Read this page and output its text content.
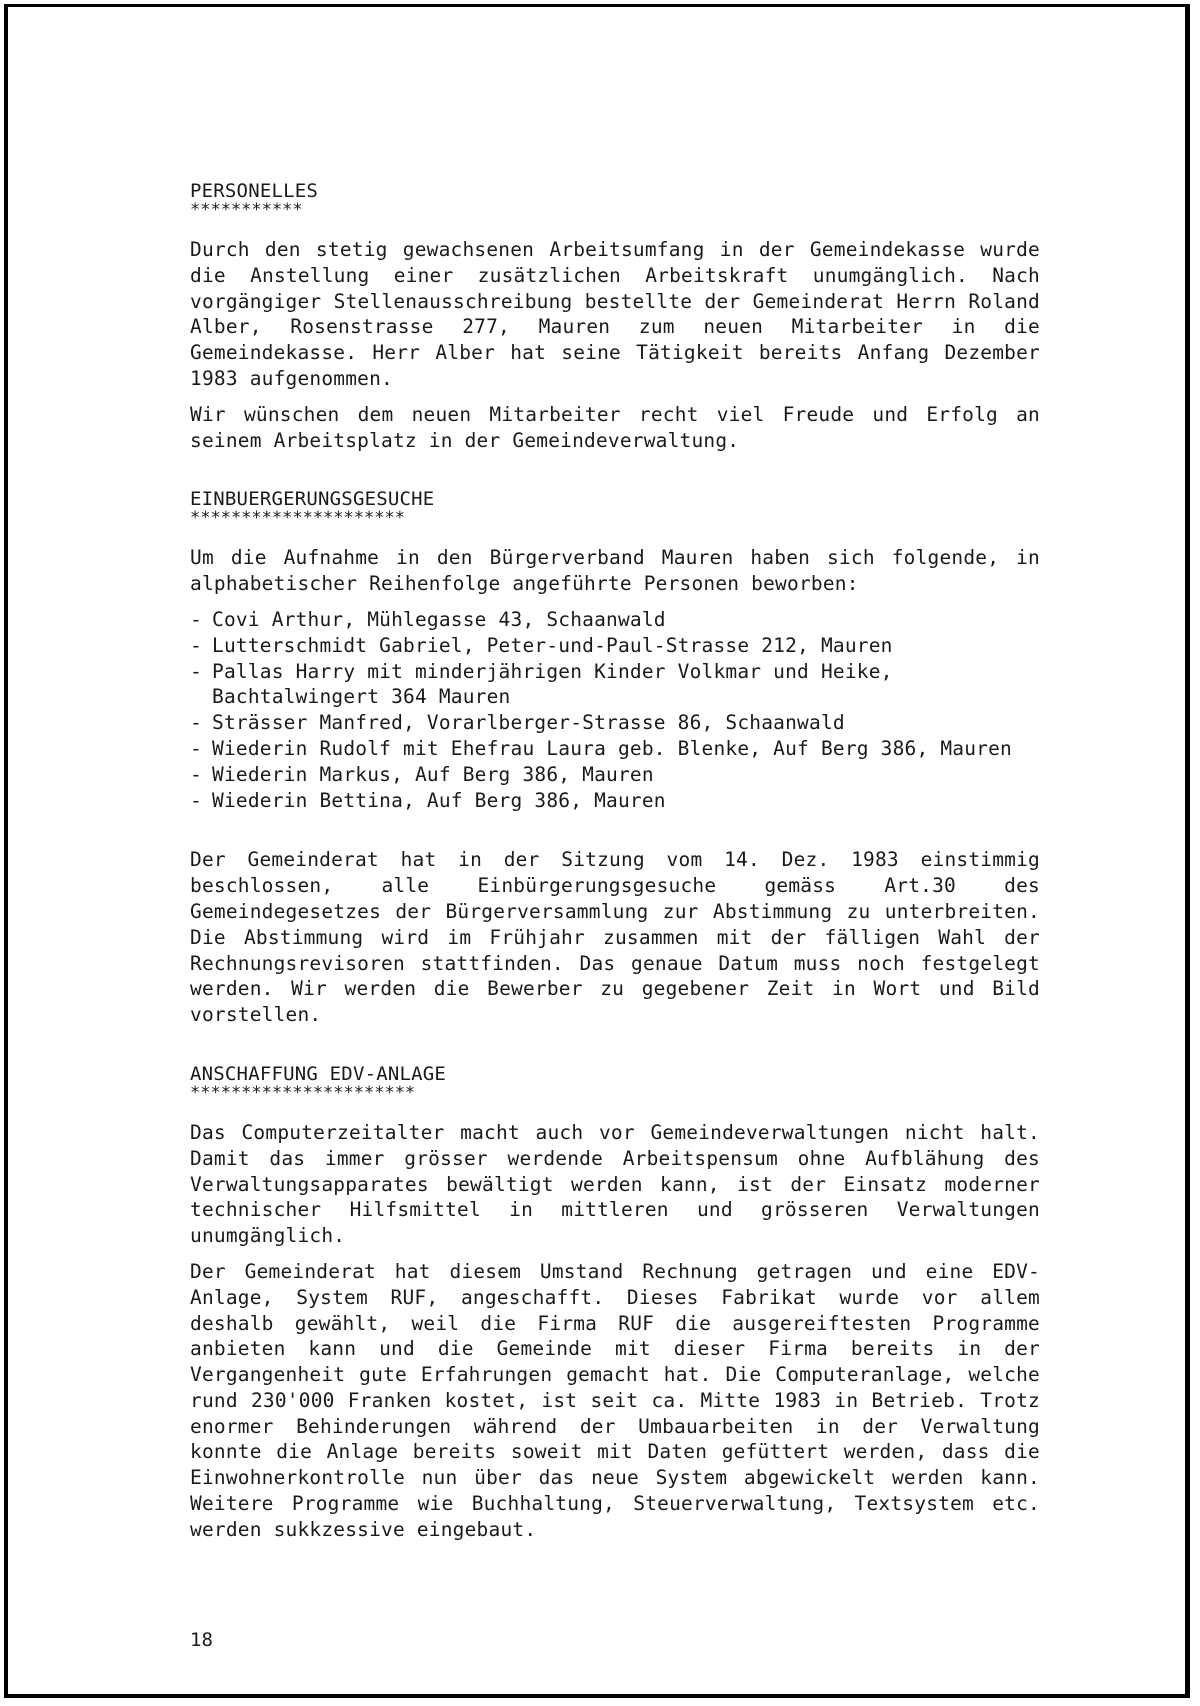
PERSONELLES
***********

Durch den stetig gewachsenen Arbeitsumfang in der Gemeindekasse wurde die Anstellung einer zusätzlichen Arbeitskraft unumgänglich. Nach vorgängiger Stellenausschreibung bestellte der Gemeinderat Herrn Roland Alber, Rosenstrasse 277, Mauren zum neuen Mitarbeiter in die Gemeindekasse. Herr Alber hat seine Tätigkeit bereits Anfang Dezember 1983 aufgenommen.

Wir wünschen dem neuen Mitarbeiter recht viel Freude und Erfolg an seinem Arbeitsplatz in der Gemeindeverwaltung.

EINBUERGERUNGSGESUCHE
*********************

Um die Aufnahme in den Bürgerverband Mauren haben sich folgende, in alphabetischer Reihenfolge angeführte Personen beworben:

- Covi Arthur, Mühlegasse 43, Schaanwald
- Lutterschmidt Gabriel, Peter-und-Paul-Strasse 212, Mauren
- Pallas Harry mit minderjährigen Kinder Volkmar und Heike, Bachtalwingert 364 Mauren
- Strässer Manfred, Vorarlberger-Strasse 86, Schaanwald
- Wiederin Rudolf mit Ehefrau Laura geb. Blenke, Auf Berg 386, Mauren
- Wiederin Markus, Auf Berg 386, Mauren
- Wiederin Bettina, Auf Berg 386, Mauren

Der Gemeinderat hat in der Sitzung vom 14. Dez. 1983 einstimmig beschlossen, alle Einbürgerungsgesuche gemäss Art.30 des Gemeindegesetzes der Bürgerversammlung zur Abstimmung zu unterbreiten. Die Abstimmung wird im Frühjahr zusammen mit der fälligen Wahl der Rechnungsrevisoren stattfinden. Das genaue Datum muss noch festgelegt werden. Wir werden die Bewerber zu gegebener Zeit in Wort und Bild vorstellen.

ANSCHAFFUNG EDV-ANLAGE
**********************

Das Computerzeitalter macht auch vor Gemeindeverwaltungen nicht halt. Damit das immer grösser werdende Arbeitspensum ohne Aufblähung des Verwaltungsapparates bewältigt werden kann, ist der Einsatz moderner technischer Hilfsmittel in mittleren und grösseren Verwaltungen unumgänglich.

Der Gemeinderat hat diesem Umstand Rechnung getragen und eine EDV-Anlage, System RUF, angeschafft. Dieses Fabrikat wurde vor allem deshalb gewählt, weil die Firma RUF die ausgereiftesten Programme anbieten kann und die Gemeinde mit dieser Firma bereits in der Vergangenheit gute Erfahrungen gemacht hat. Die Computeranlage, welche rund 230'000 Franken kostet, ist seit ca. Mitte 1983 in Betrieb. Trotz enormer Behinderungen während der Umbauarbeiten in der Verwaltung konnte die Anlage bereits soweit mit Daten gefüttert werden, dass die Einwohnerkontrolle nun über das neue System abgewickelt werden kann. Weitere Programme wie Buchhaltung, Steuerverwaltung, Textsystem etc. werden sukkzessive eingebaut.

18
